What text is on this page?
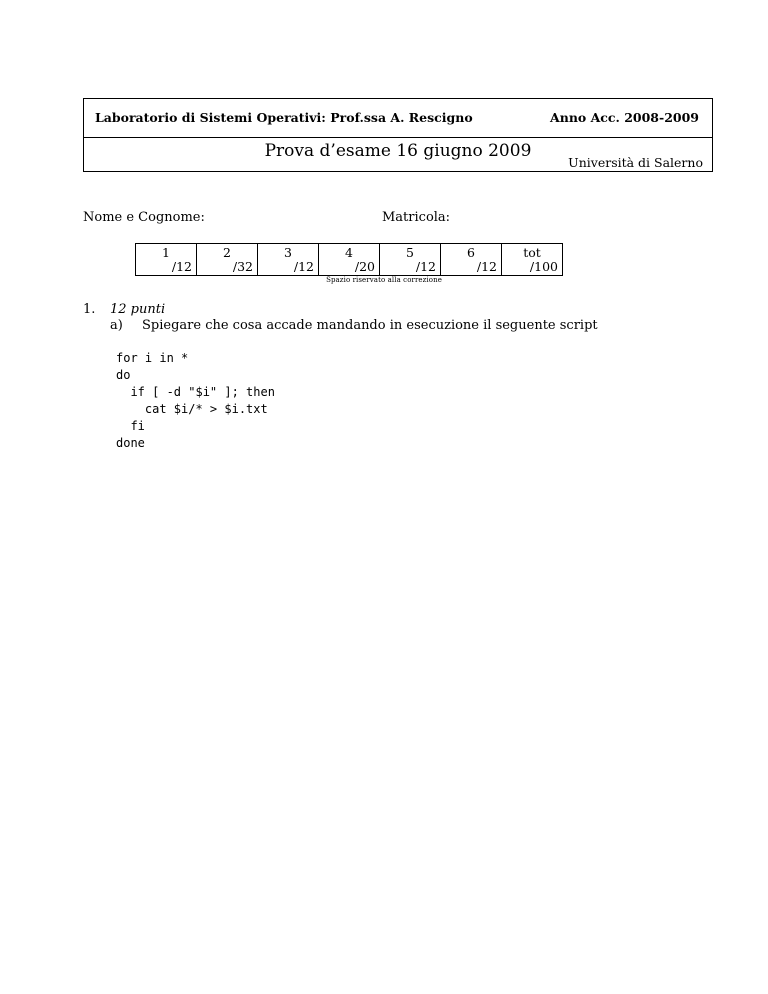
Laboratorio di Sistemi Operativi: Prof.ssa A. Rescigno	Anno Acc. 2008-2009
Prova d’esame 16 giugno 2009
Università di Salerno
Nome e Cognome:	Matricola:
1	2	3	4	5	6	tot
/12	/32	/12	/20	/12	/12	/100
Spazio riservato alla correzione
1. 12 punti
a) Spiegare che cosa accade mandando in esecuzione il seguente script
for i in *
do
if [ -d "$i" ]; then
cat $i/* > $i.txt
fi
done
